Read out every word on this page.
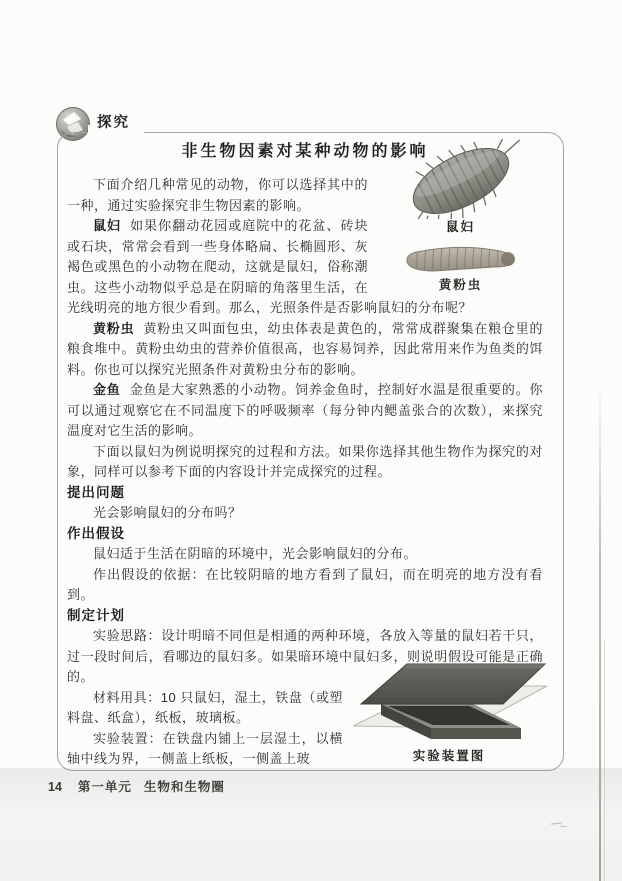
探究
非生物因素对某种动物的影响
鼠妇
黄粉虫

下面介绍几种常见的动物，你可以选择其中的一种，通过实验探究非生物因素的影响。

鼠妇 如果你翻动花园或庭院中的花盆、砖块或石块，常常会看到一些身体略扁、长椭圆形、灰褐色或黑色的小动物在爬动，这就是鼠妇，俗称潮虫。这些小动物似乎总是在阴暗的角落里生活，在光线明亮的地方很少看到。那么，光照条件是否影响鼠妇的分布呢？

黄粉虫 黄粉虫又叫面包虫，幼虫体表是黄色的，常常成群聚集在粮仓里的粮食堆中。黄粉虫幼虫的营养价值很高，也容易饲养，因此常用来作为鱼类的饵料。你也可以探究光照条件对黄粉虫分布的影响。

金鱼 金鱼是大家熟悉的小动物。饲养金鱼时，控制好水温是很重要的。你可以通过观察它在不同温度下的呼吸频率（每分钟内鳃盖张合的次数），来探究温度对它生活的影响。

下面以鼠妇为例说明探究的过程和方法。如果你选择其他生物作为探究的对象，同样可以参考下面的内容设计并完成探究的过程。

提出问题

光会影响鼠妇的分布吗？

作出假设

鼠妇适于生活在阴暗的环境中，光会影响鼠妇的分布。

作出假设的依据：在比较阴暗的地方看到了鼠妇，而在明亮的地方没有看到。

制定计划

实验思路：设计明暗不同但是相通的两种环境，各放入等量的鼠妇若干只，过一段时间后，看哪边的鼠妇多。如果暗环境中鼠妇多，则说明假设可能是正确的。

实验装置图

材料用具：10 只鼠妇，湿土，铁盘（或塑料盘、纸盒），纸板，玻璃板。

实验装置：在铁盘内铺上一层湿土，以横轴中线为界，一侧盖上纸板，一侧盖上玻

14 第一单元 生物和生物圈
